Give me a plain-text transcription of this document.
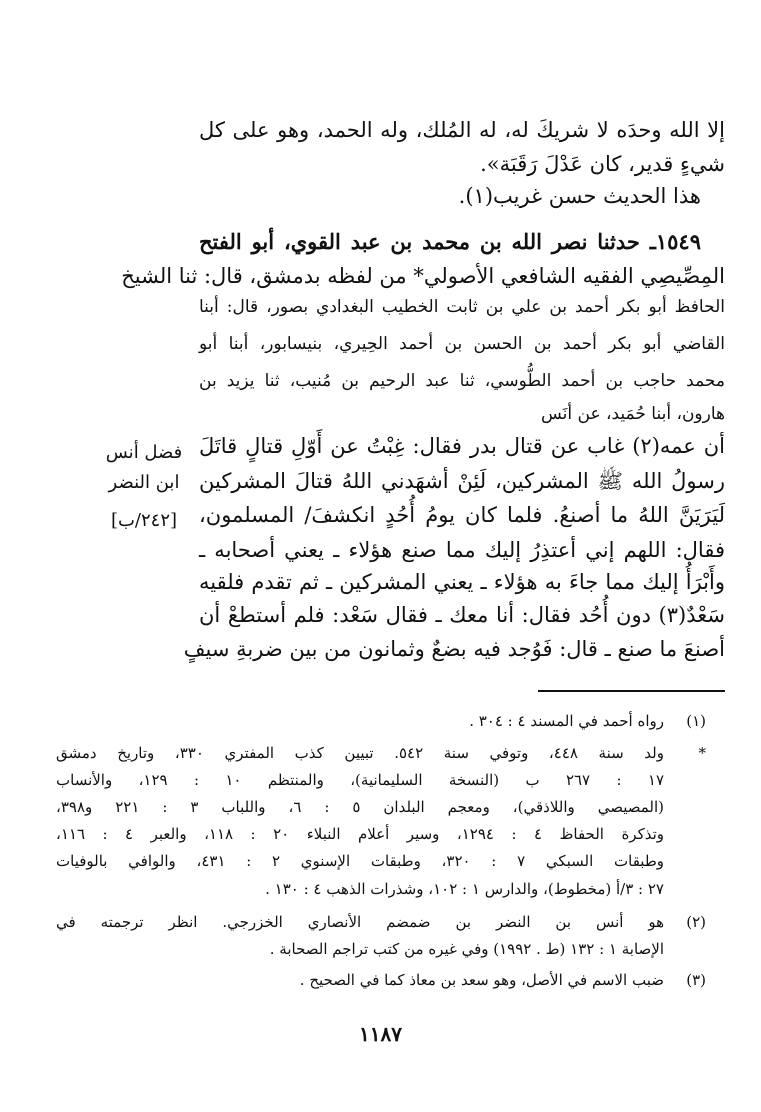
إلا الله وحدَه لا شريكَ له، له المُلك، وله الحمد، وهو على كل
شيءٍ قدير، كان عَدْلَ رَقَبَة».
هذا الحديث حسن غريب(١).
١٥٤٩ـ حدثنا نصر الله بن محمد بن عبد القوي، أبو الفتح
المِصِّيصِي الفقيه الشافعي الأصولي* من لفظه بدمشق، قال: ثنا الشيخ
الحافظ أبو بكر أحمد بن علي بن ثابت الخطيب البغدادي بصور، قال: أبنا
القاضي أبو بكر أحمد بن الحسن بن أحمد الحِيري، بنيسابور، أبنا أبو
محمد حاجب بن أحمد الطُّوسي، ثنا عبد الرحيم بن مُنيب، ثنا يزيد بن
هارون، أبنا حُمَيد، عن أنَس
أن عمه(٢) غاب عن قتال بدر فقال: غِبْتُ عن أَوّلِ قتالٍ قاتَلَ
رسولُ الله ﷺ المشركين، لَئِنْ أشهَدني اللهُ قتالَ المشركين
لَيَرَيَنَّ اللهُ ما أصنعُ. فلما كان يومُ أُحُدٍ انكشفَ/ المسلمون،
فقال: اللهم إني أعتذِرُ إليك مما صنع هؤلاء ـ يعني أصحابه ـ
وأَبْرَأُ إليك مما جاءَ به هؤلاء ـ يعني المشركين ـ ثم تقدم فلقيه
سَعْدٌ(٣) دون أُحُد فقال: أنا معك ـ فقال سَعْد: فلم أستطعْ أن
أصنعَ ما صنع ـ قال: فَوُجد فيه بضعٌ وثمانون من بين ضربةِ سيفٍ
فضل أنس
ابن النضر
[٢٤٢/ب]
(١)
رواه أحمد في المسند ٤ : ٣٠٤ .
*
ولد سنة ٤٤٨، وتوفي سنة ٥٤٢. تبيين كذب المفتري ٣٣٠، وتاريخ دمشق
١٧ : ٢٦٧ ب (النسخة السليمانية)، والمنتظم ١٠ : ١٢٩، والأنساب
(المصيصي واللاذقي)، ومعجم البلدان ٥ : ٦، واللباب ٣ : ٢٢١ و٣٩٨،
وتذكرة الحفاظ ٤ : ١٢٩٤، وسير أعلام النبلاء ٢٠ : ١١٨، والعبر ٤ : ١١٦،
وطبقات السبكي ٧ : ٣٢٠، وطبقات الإسنوي ٢ : ٤٣١، والوافي بالوفيات
٢٧ : ٣/أ (مخطوط)، والدارس ١ : ١٠٢، وشذرات الذهب ٤ : ١٣٠ .
(٢)
هو أنس بن النضر بن ضمضم الأنصاري الخزرجي. انظر ترجمته في
الإصابة ١ : ١٣٢ (ط . ١٩٩٢) وفي غيره من كتب تراجم الصحابة .
(٣)
ضبب الاسم في الأصل، وهو سعد بن معاذ كما في الصحيح .
١١٨٧
